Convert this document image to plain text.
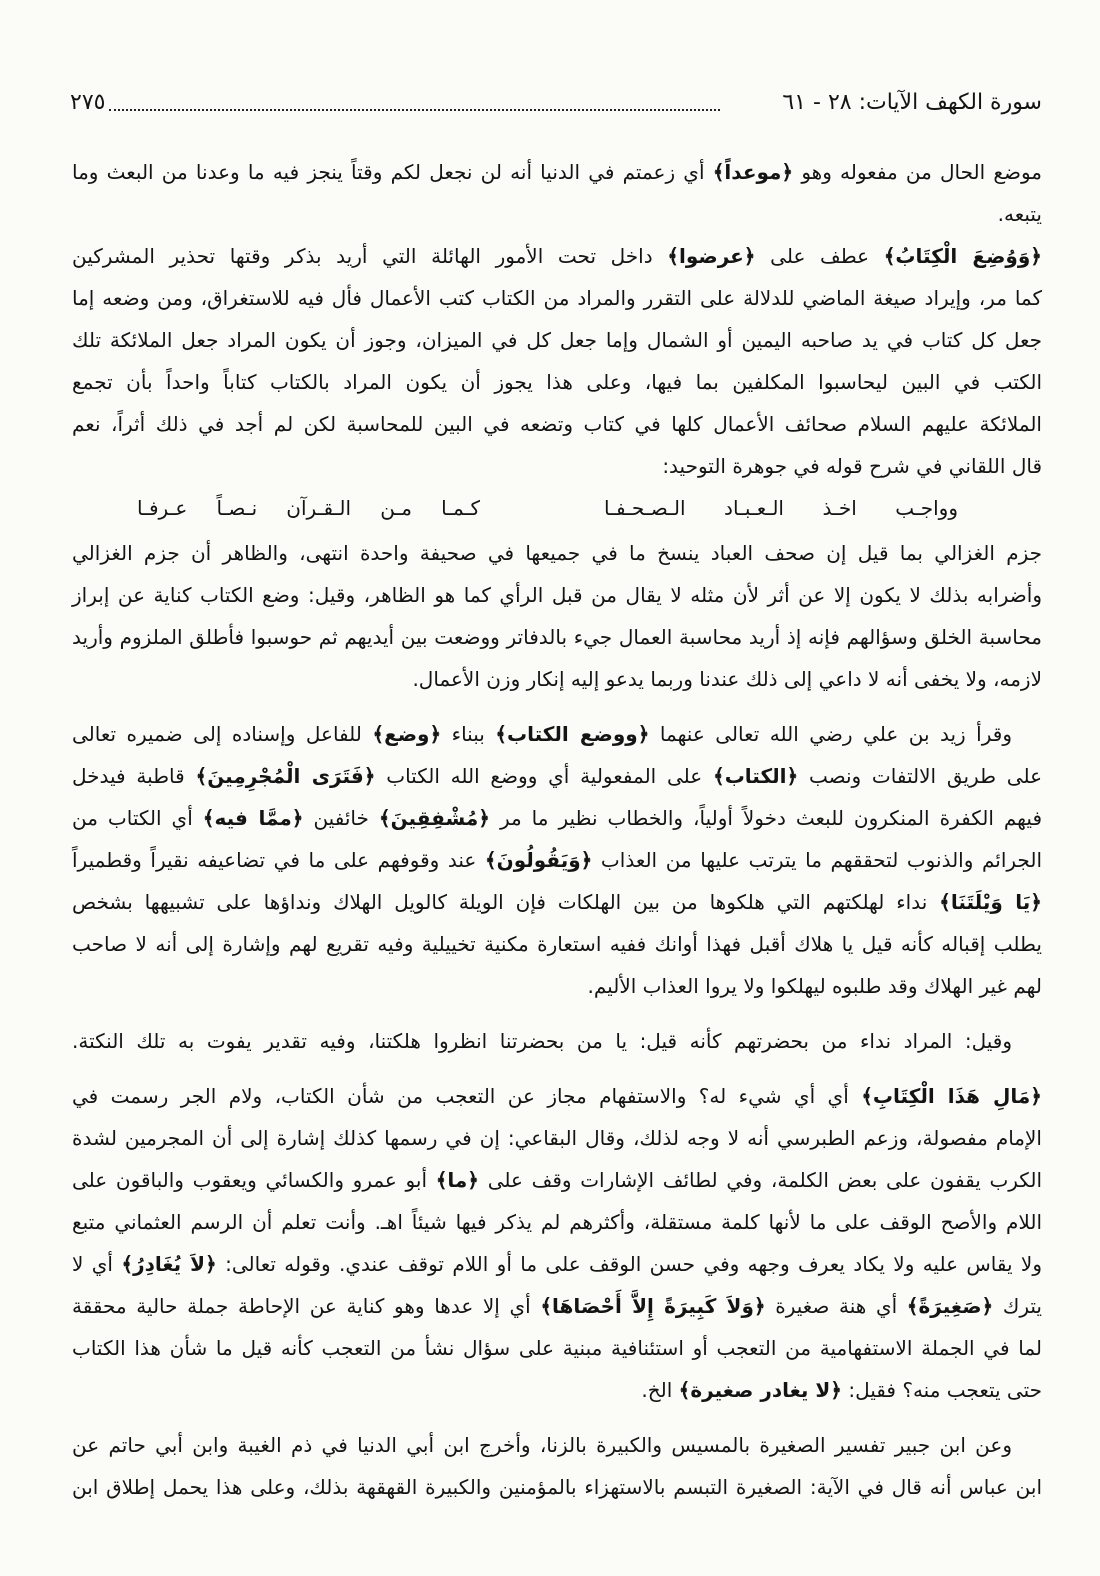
سورة الكهف الآيات: ٢٨ - ٦١
٢٧٥
موضع الحال من مفعوله وهو ﴿موعداً﴾ أي زعمتم في الدنيا أنه لن نجعل لكم وقتاً ينجز فيه ما وعدنا من البعث وما
يتبعه.
﴿وَوُضِعَ الْكِتَابُ﴾ عطف على ﴿عرضوا﴾ داخل تحت الأمور الهائلة التي أريد بذكر وقتها تحذير المشركين
كما مر، وإيراد صيغة الماضي للدلالة على التقرر والمراد من الكتاب كتب الأعمال فأل فيه للاستغراق، ومن وضعه إما
جعل كل كتاب في يد صاحبه اليمين أو الشمال وإما جعل كل في الميزان، وجوز أن يكون المراد جعل الملائكة تلك
الكتب في البين ليحاسبوا المكلفين بما فيها، وعلى هذا يجوز أن يكون المراد بالكتاب كتاباً واحداً بأن تجمع
الملائكة عليهم السلام صحائف الأعمال كلها في كتاب وتضعه في البين للمحاسبة لكن لم أجد في ذلك أثراً، نعم
قال اللقاني في شرح قوله في جوهرة التوحيد:
وواجـب اخـذ الـعـبـاد الـصـحـفـا
كـمـا مـن الـقـرآن نـصـاً عـرفـا
جزم الغزالي بما قيل إن صحف العباد ينسخ ما في جميعها في صحيفة واحدة انتهى، والظاهر أن جزم الغزالي
وأضرابه بذلك لا يكون إلا عن أثر لأن مثله لا يقال من قبل الرأي كما هو الظاهر، وقيل: وضع الكتاب كناية عن إبراز
محاسبة الخلق وسؤالهم فإنه إذ أريد محاسبة العمال جيء بالدفاتر ووضعت بين أيديهم ثم حوسبوا فأطلق الملزوم وأريد
لازمه، ولا يخفى أنه لا داعي إلى ذلك عندنا وربما يدعو إليه إنكار وزن الأعمال.
وقرأ زيد بن علي رضي الله تعالى عنهما ﴿ووضع الكتاب﴾ ببناء ﴿وضع﴾ للفاعل وإسناده إلى ضميره تعالى
على طريق الالتفات ونصب ﴿الكتاب﴾ على المفعولية أي ووضع الله الكتاب ﴿فَتَرَى الْمُجْرِمِينَ﴾ قاطبة فيدخل
فيهم الكفرة المنكرون للبعث دخولاً أولياً، والخطاب نظير ما مر ﴿مُشْفِقِينَ﴾ خائفين ﴿ممَّا فيه﴾ أي الكتاب من
الجرائم والذنوب لتحققهم ما يترتب عليها من العذاب ﴿وَيَقُولُونَ﴾ عند وقوفهم على ما في تضاعيفه نقيراً وقطميراً
﴿يَا وَيْلَتَنَا﴾ نداء لهلكتهم التي هلكوها من بين الهلكات فإن الويلة كالويل الهلاك ونداؤها على تشبيهها بشخص
يطلب إقباله كأنه قيل يا هلاك أقبل فهذا أوانك ففيه استعارة مكنية تخييلية وفيه تقريع لهم وإشارة إلى أنه لا صاحب
لهم غير الهلاك وقد طلبوه ليهلكوا ولا يروا العذاب الأليم.
وقيل: المراد نداء من بحضرتهم كأنه قيل: يا من بحضرتنا انظروا هلكتنا، وفيه تقدير يفوت به تلك النكتة.
﴿مَالِ هَذَا الْكِتَابِ﴾ أي أي شيء له؟ والاستفهام مجاز عن التعجب من شأن الكتاب، ولام الجر رسمت في
الإمام مفصولة، وزعم الطبرسي أنه لا وجه لذلك، وقال البقاعي: إن في رسمها كذلك إشارة إلى أن المجرمين لشدة
الكرب يقفون على بعض الكلمة، وفي لطائف الإشارات وقف على ﴿ما﴾ أبو عمرو والكسائي ويعقوب والباقون على
اللام والأصح الوقف على ما لأنها كلمة مستقلة، وأكثرهم لم يذكر فيها شيئاً اهـ. وأنت تعلم أن الرسم العثماني متبع
ولا يقاس عليه ولا يكاد يعرف وجهه وفي حسن الوقف على ما أو اللام توقف عندي. وقوله تعالى: ﴿لاَ يُغَادِرُ﴾ أي لا
يترك ﴿صَغِيرَةً﴾ أي هنة صغيرة ﴿وَلاَ كَبِيرَةً إِلاَّ أَحْصَاهَا﴾ أي إلا عدها وهو كناية عن الإحاطة جملة حالية محققة
لما في الجملة الاستفهامية من التعجب أو استئنافية مبنية على سؤال نشأ من التعجب كأنه قيل ما شأن هذا الكتاب
حتى يتعجب منه؟ فقيل: ﴿لا يغادر صغيرة﴾ الخ.
وعن ابن جبير تفسير الصغيرة بالمسيس والكبيرة بالزنا، وأخرج ابن أبي الدنيا في ذم الغيبة وابن أبي حاتم عن
ابن عباس أنه قال في الآية: الصغيرة التبسم بالاستهزاء بالمؤمنين والكبيرة القهقهة بذلك، وعلى هذا يحمل إطلاق ابن
